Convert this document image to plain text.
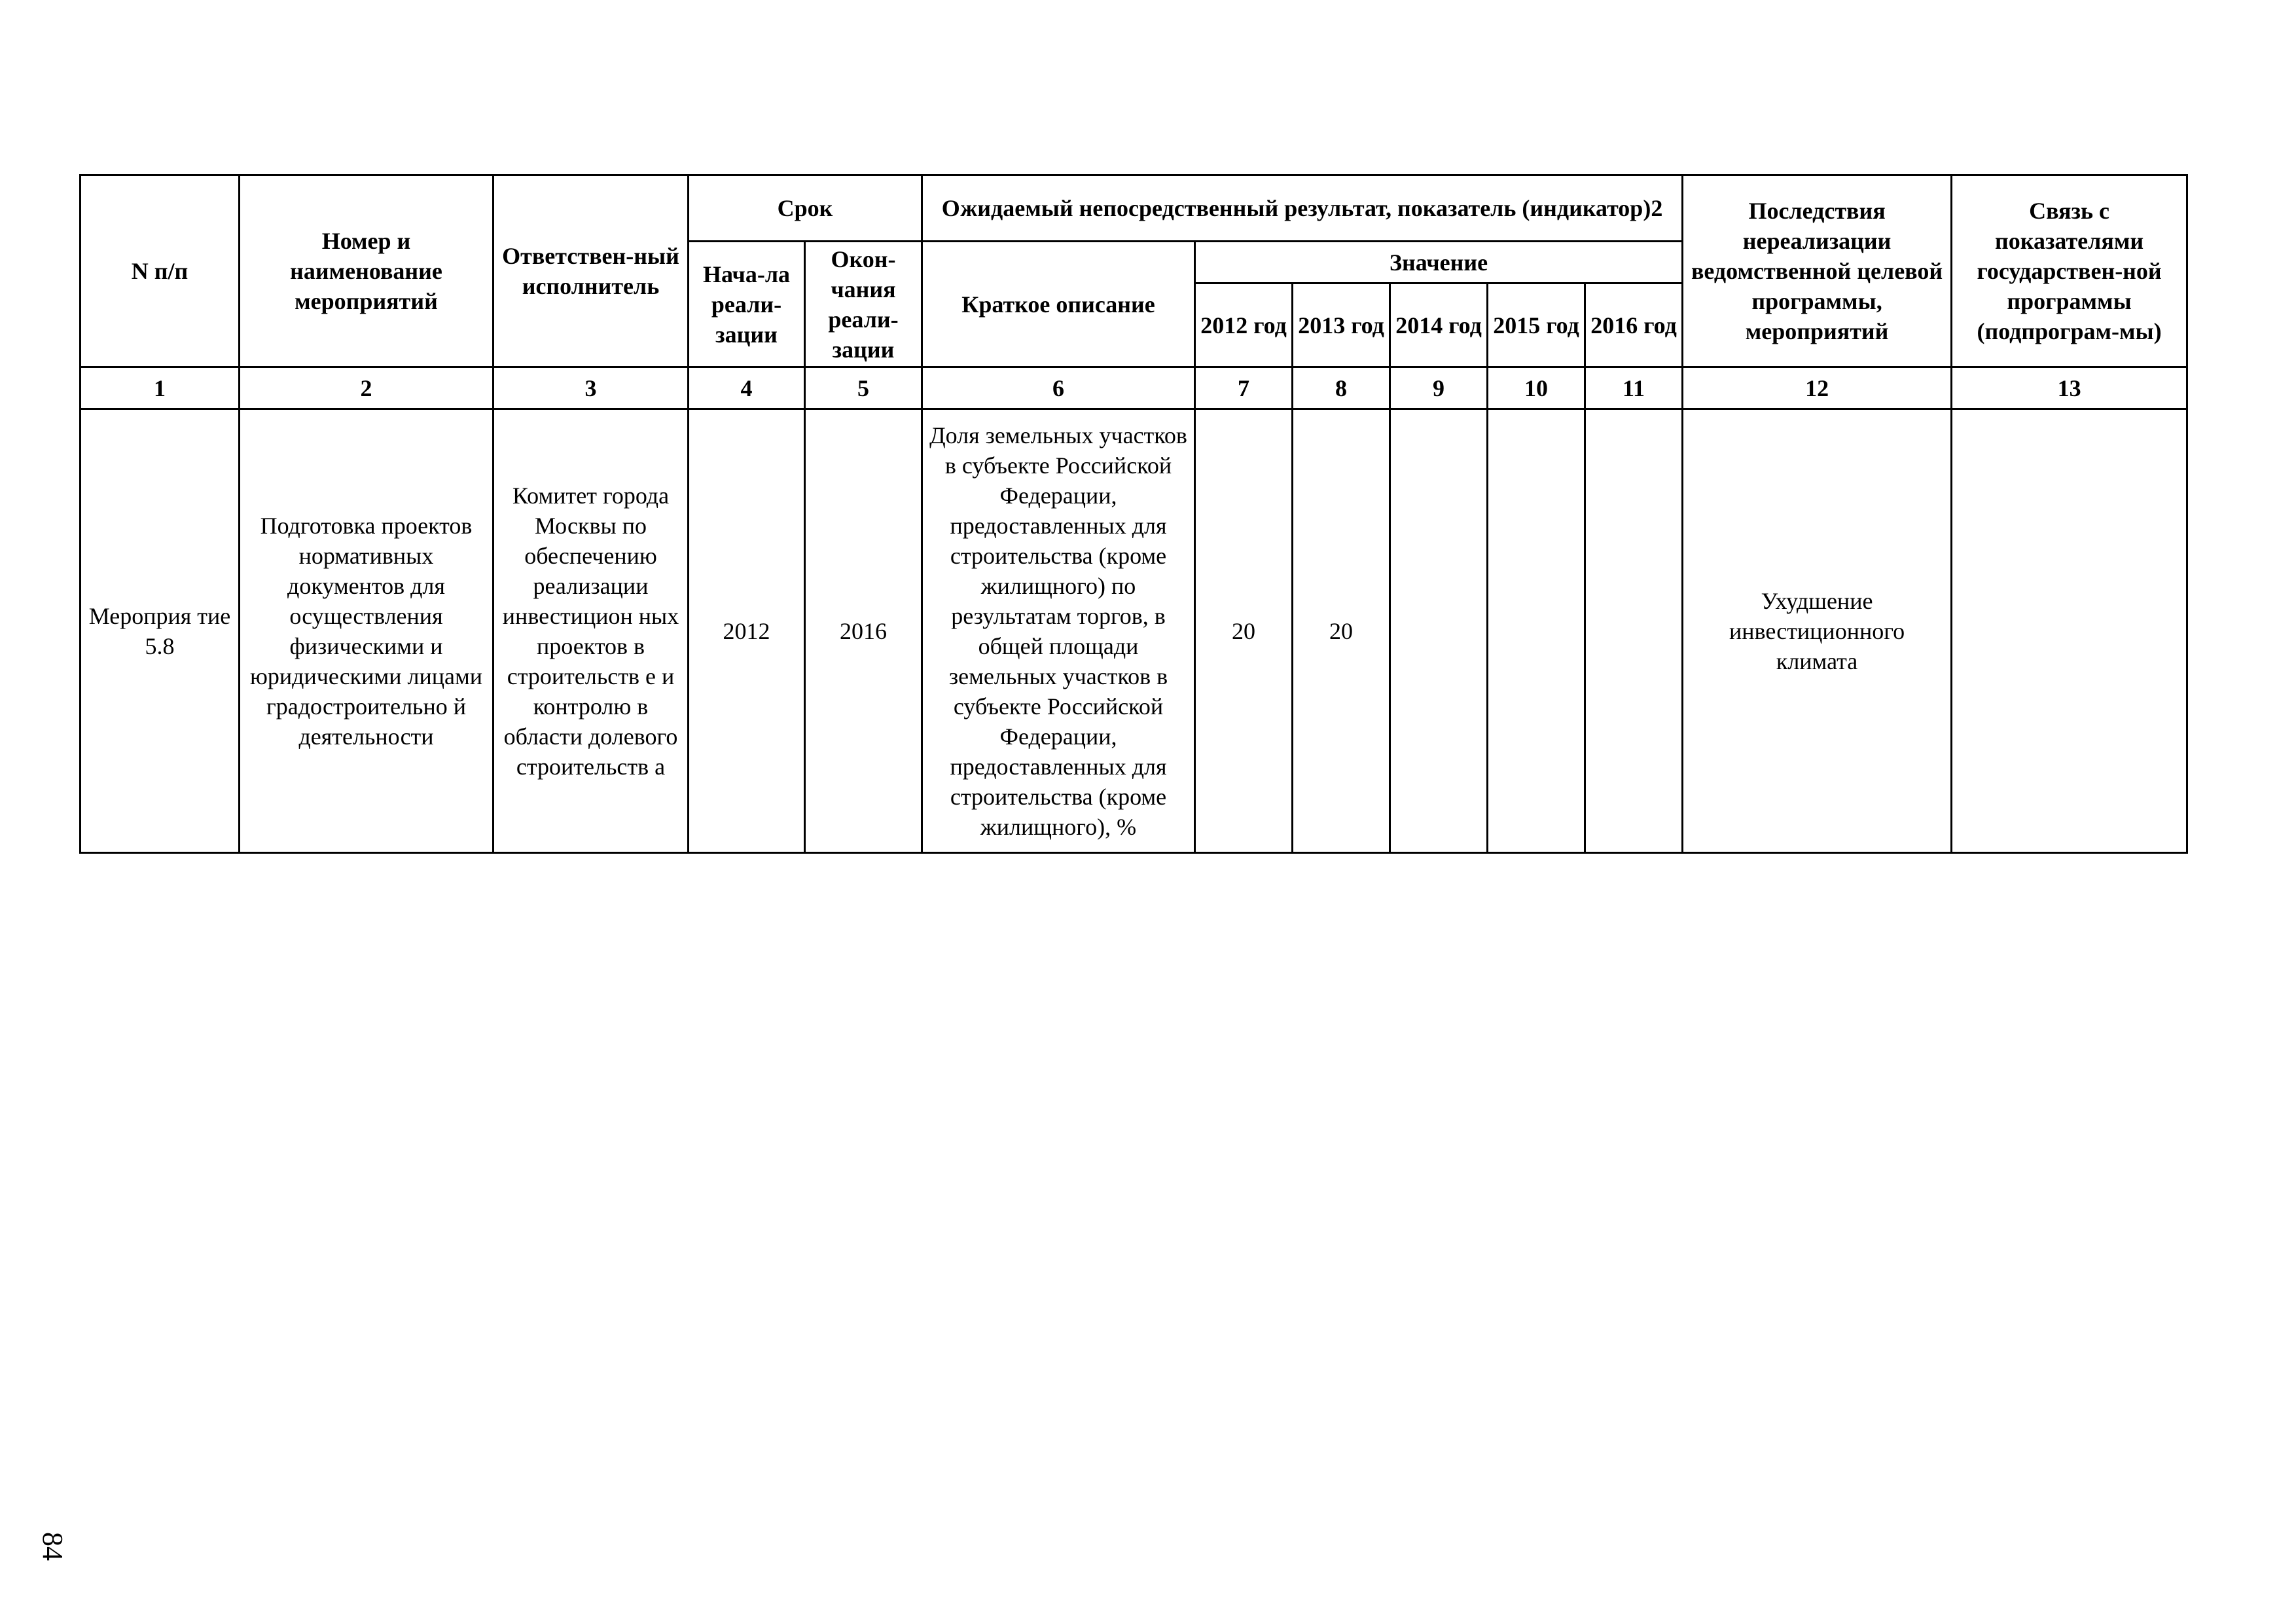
N п/п	Номер и наименование мероприятий	Ответствен-ный исполнитель	Срок		Ожидаемый непосредственный результат, показатель (индикатор)2						Последствия нереализации ведомственной целевой программы, мероприятий	Связь с показателями государствен-ной программы (подпрограм-мы)
			Нача-ла реали-зации	Окон-чания реали-зации	Краткое описание	Значение						
						2012 год	2013 год	2014 год	2015 год	2016 год		
1	2	3	4	5	6	7	8	9	10	11	12	13
Мероприя тие 5.8	Подготовка проектов нормативных документов для осуществления физическими и юридическими лицами градостроительно й деятельности	Комитет города Москвы по обеспечению реализации инвестицион ных проектов в строительств е и контролю в области долевого строительств а	2012	2016	Доля земельных участков в субъекте Российской Федерации, предоставленных для строительства (кроме жилищного) по результатам торгов, в общей площади земельных участков в субъекте Российской Федерации, предоставленных для строительства (кроме жилищного), %	20	20				Ухудшение инвестиционного климата	
84
